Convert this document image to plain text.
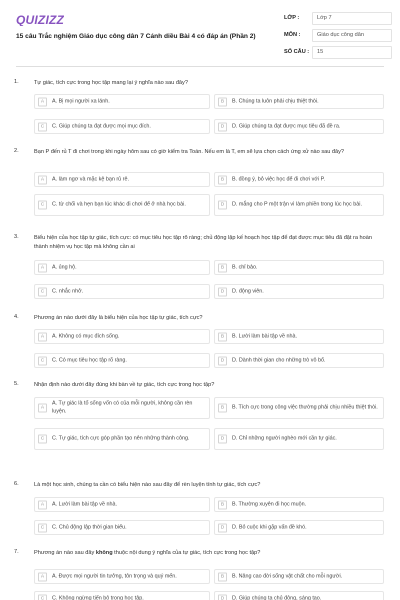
QUIZIZZ	LỚP :	Lớp 7
MÔN :	Giáo dục công dân
SỐ CÂU :	15
15 câu Trắc nghiệm Giáo dục công dân 7 Cánh diều Bài 4 có đáp án (Phần 2)
1.	Tự giác, tích cực trong học tập mang lại ý nghĩa nào sau đây?
A	A. Bị mọi người xa lánh.	B	B. Chúng ta luôn phải chịu thiệt thòi.
C	C. Giúp chúng ta đạt được mọi mục đích.	D	D. Giúp chúng ta đạt được mục tiêu đã đề ra.
2.	Bạn P đến rủ T đi chơi trong khi ngày hôm sau có giờ kiểm tra Toán. Nếu em là T, em sẽ lựa chọn cách ứng xử nào sau đây?
A	A. làm ngơ và mặc kệ bạn rủ rê.	B	B. đồng ý, bỏ việc học để đi chơi với P.
C	C. từ chối và hẹn bạn lúc khác đi chơi để ở nhà học bài.	D	D. mắng cho P một trận vì làm phiền trong lúc học bài.
3.	Biểu hiện của học tập tự giác, tích cực: có mục tiêu học tập rõ ràng; chủ động lập kế hoạch học tập để đạt được mục tiêu đã đặt ra hoàn thành nhiệm vụ học tập mà không cần ai
A	A. ủng hộ.	B	B. chỉ bảo.
C	C. nhắc nhở.	D	D. động viên.
4.	Phương án nào dưới đây là biểu hiện của học tập tự giác, tích cực?
A	A. Không có mục đích sống.	B	B. Lười làm bài tập về nhà.
C	C. Có mục tiêu học tập rõ ràng.	D	D. Dành thời gian cho những trò vô bổ.
5.	Nhận định nào dưới đây đúng khi bàn về tự giác, tích cực trong học tập?
A
A. Tự giác là tố sống vốn có của mỗi người, không cần rèn luyện.	B	B. Tích cực trong công việc thường phải chịu nhiều thiệt thòi.
C	C. Tự giác, tích cực góp phần tạo nên những thành công.	D	D. Chỉ những người nghèo mới cần tự giác.
6.	Là một học sinh, chúng ta cần có biểu hiện nào sau đây để rèn luyện tính tự giác, tích cực?
A	A. Lười làm bài tập về nhà.	B	B. Thường xuyên đi học muộn.
C	C. Chủ động lập thời gian biểu.	D	D. Bỏ cuộc khi gặp vấn đề khó.
7.	Phương án nào sau đây không thuộc nội dung ý nghĩa của tự giác, tích cực trong học tập?
A	A. Được mọi người tin tưởng, tôn trọng và quý mến.	B	B. Nâng cao đời sống vật chất cho mỗi người.
C	C. Không ngừng tiến bộ trong học tập.	D	D. Giúp chúng ta chủ động, sáng tạo.
